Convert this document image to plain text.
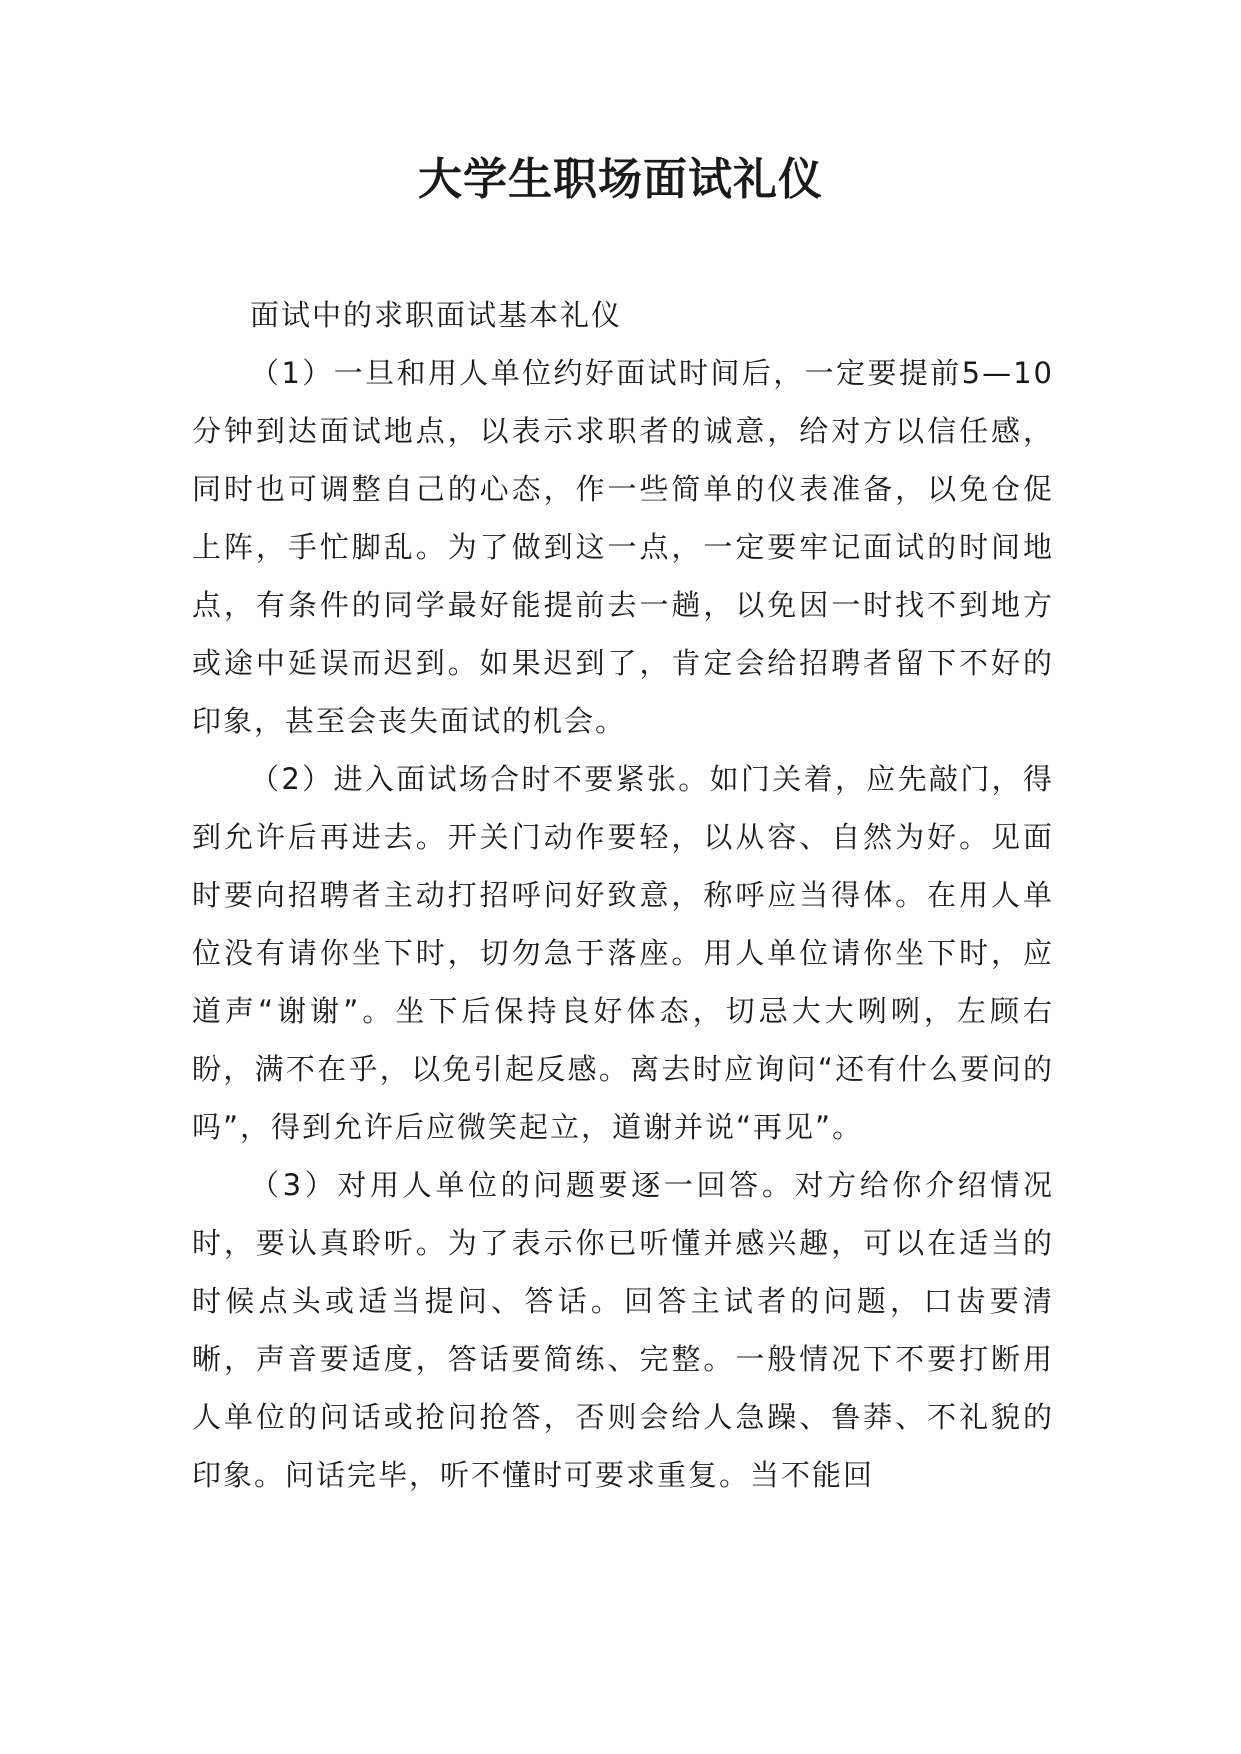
大学生职场面试礼仪

面试中的求职面试基本礼仪

（1）一旦和用人单位约好面试时间后，一定要提前5—10分钟到达面试地点，以表示求职者的诚意，给对方以信任感，同时也可调整自己的心态，作一些简单的仪表准备，以免仓促上阵，手忙脚乱。为了做到这一点，一定要牢记面试的时间地点，有条件的同学最好能提前去一趟，以免因一时找不到地方或途中延误而迟到。如果迟到了，肯定会给招聘者留下不好的印象，甚至会丧失面试的机会。

（2）进入面试场合时不要紧张。如门关着，应先敲门，得到允许后再进去。开关门动作要轻，以从容、自然为好。见面时要向招聘者主动打招呼问好致意，称呼应当得体。在用人单位没有请你坐下时，切勿急于落座。用人单位请你坐下时，应道声“谢谢”。坐下后保持良好体态，切忌大大咧咧，左顾右盼，满不在乎，以免引起反感。离去时应询问“还有什么要问的吗”，得到允许后应微笑起立，道谢并说“再见”。

（3）对用人单位的问题要逐一回答。对方给你介绍情况时，要认真聆听。为了表示你已听懂并感兴趣，可以在适当的时候点头或适当提问、答话。回答主试者的问题，口齿要清晰，声音要适度，答话要简练、完整。一般情况下不要打断用人单位的问话或抢问抢答，否则会给人急躁、鲁莽、不礼貌的印象。问话完毕，听不懂时可要求重复。当不能回
